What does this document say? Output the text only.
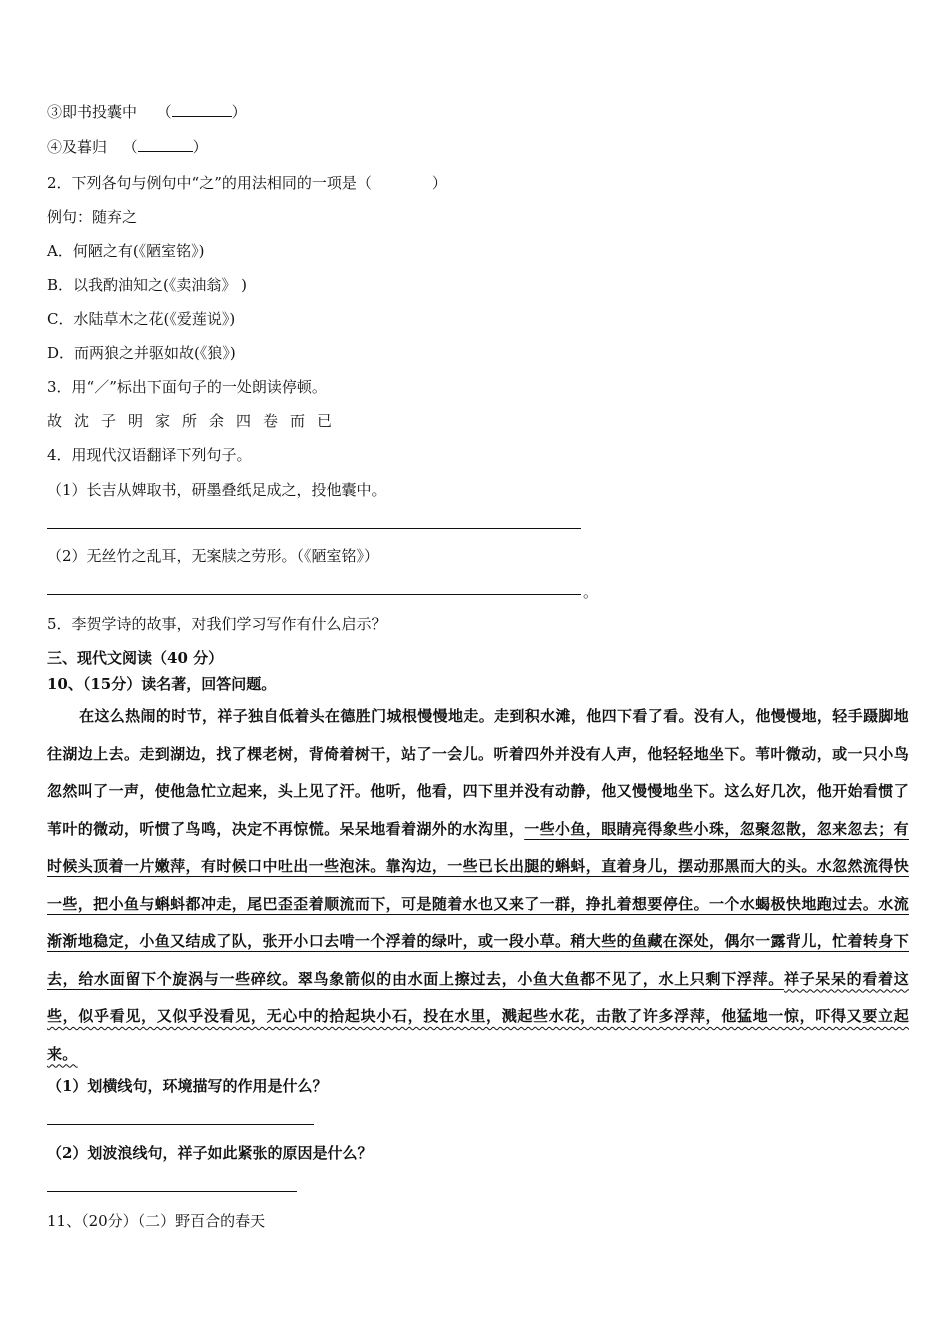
③即书投囊中 （	）
④及暮归 （	）
2．下列各句与例句中“之”的用法相同的一项是（	）
例句：随弃之
A．何陋之有(《陋室铭》)
B．以我酌油知之(《卖油翁》 )
C．水陆草木之花(《爱莲说》)
D．而两狼之并驱如故(《狼》)
3．用“／”标出下面句子的一处朗读停顿。
故沈子明家所余四卷而已
4．用现代汉语翻译下列句子。
（1）长吉从婢取书，研墨叠纸足成之，投他囊中。
（2）无丝竹之乱耳，无案牍之劳形。（《陋室铭》）
。
5．李贺学诗的故事，对我们学习写作有什么启示？
三、现代文阅读（40 分）
10、（15分）读名著，回答问题。
在这么热闹的时节，祥子独自低着头在德胜门城根慢慢地走。走到积水滩，他四下看了看。没有人，他慢慢地，轻手蹑脚地往湖边上去。走到湖边，找了棵老树，背倚着树干，站了一会儿。听着四外并没有人声，他轻轻地坐下。苇叶微动，或一只小鸟忽然叫了一声，使他急忙立起来，头上见了汗。他听，他看，四下里并没有动静，他又慢慢地坐下。这么好几次，他开始看惯了苇叶的微动，听惯了鸟鸣，决定不再惊慌。呆呆地看着湖外的水沟里，一些小鱼，眼睛亮得象些小珠，忽聚忽散，忽来忽去；有时候头顶着一片嫩萍，有时候口中吐出一些泡沫。靠沟边，一些已长出腿的蝌蚪，直着身儿，摆动那黑而大的头。水忽然流得快一些，把小鱼与蝌蚪都冲走，尾巴歪歪着顺流而下，可是随着水也又来了一群，挣扎着想要停住。一个水蝎极快地跑过去。水流渐渐地稳定，小鱼又结成了队，张开小口去啃一个浮着的绿叶，或一段小草。稍大些的鱼藏在深处，偶尔一露背儿，忙着转身下去，给水面留下个旋涡与一些碎纹。翠鸟象箭似的由水面上擦过去，小鱼大鱼都不见了，水上只剩下浮萍。祥子呆呆的看着这些，似乎看见，又似乎没看见，无心中的拾起块小石，投在水里，溅起些水花，击散了许多浮萍，他猛地一惊，吓得又要立起来。
（1）划横线句，环境描写的作用是什么？
（2）划波浪线句，祥子如此紧张的原因是什么？
11、（20分）（二）野百合的春天
